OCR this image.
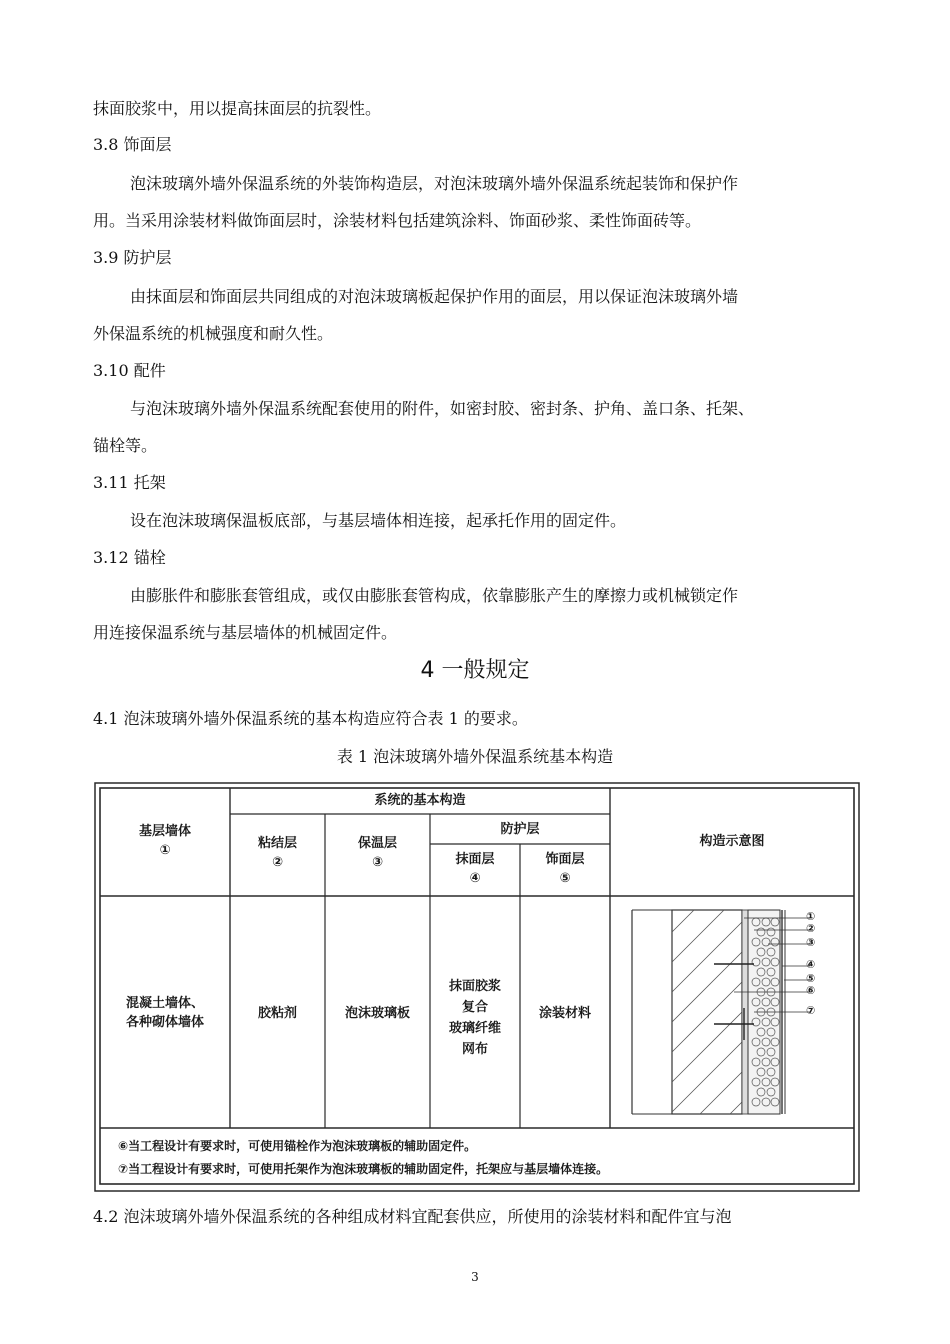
抹面胶浆中，用以提高抹面层的抗裂性。
3.8 饰面层
泡沫玻璃外墙外保温系统的外装饰构造层，对泡沫玻璃外墙外保温系统起装饰和保护作
用。当采用涂装材料做饰面层时，涂装材料包括建筑涂料、饰面砂浆、柔性饰面砖等。
3.9 防护层
由抹面层和饰面层共同组成的对泡沫玻璃板起保护作用的面层，用以保证泡沫玻璃外墙
外保温系统的机械强度和耐久性。
3.10 配件
与泡沫玻璃外墙外保温系统配套使用的附件，如密封胶、密封条、护角、盖口条、托架、
锚栓等。
3.11 托架
设在泡沫玻璃保温板底部，与基层墙体相连接，起承托作用的固定件。
3.12 锚栓
由膨胀件和膨胀套管组成，或仅由膨胀套管构成，依靠膨胀产生的摩擦力或机械锁定作
用连接保温系统与基层墙体的机械固定件。
4 一般规定
4.1 泡沫玻璃外墙外保温系统的基本构造应符合表 1 的要求。
表 1 泡沫玻璃外墙外保温系统基本构造
基层墙体
①
系统的基本构造
粘结层
②
保温层
③
防护层
抹面层
④
饰面层
⑤
构造示意图
混凝土墙体、
各种砌体墙体
胶粘剂	泡沫玻璃板
抹面胶浆
复合
玻璃纤维
网布
涂装材料
①
②
③
④
⑤
⑥
⑦
⑥当工程设计有要求时，可使用锚栓作为泡沫玻璃板的辅助固定件。
⑦当工程设计有要求时，可使用托架作为泡沫玻璃板的辅助固定件，托架应与基层墙体连接。
4.2 泡沫玻璃外墙外保温系统的各种组成材料宜配套供应，所使用的涂装材料和配件宜与泡
3
